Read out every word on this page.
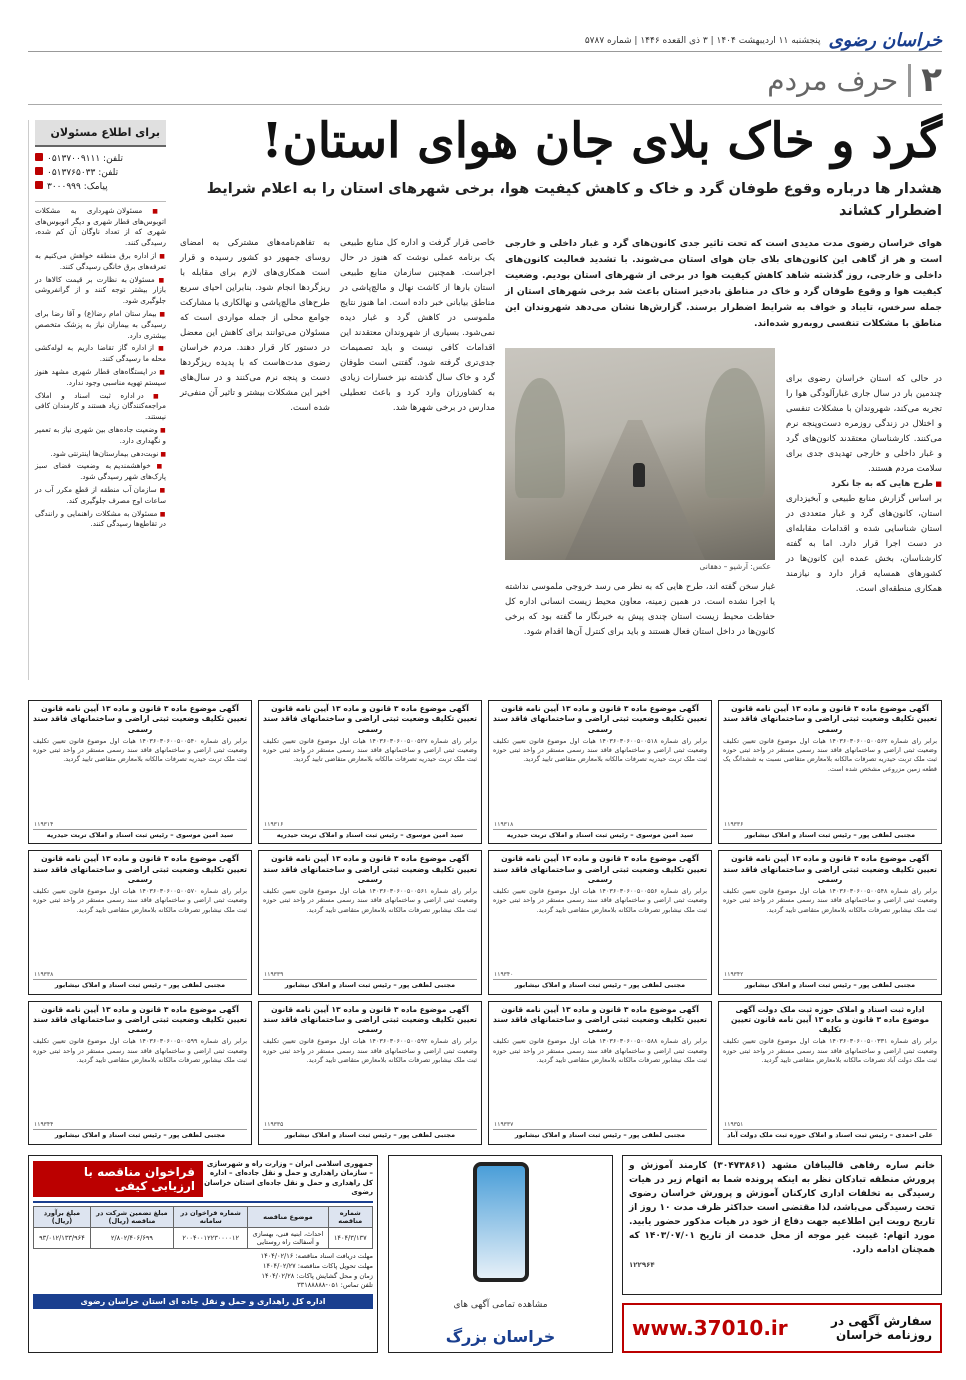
خراسان رضوی
پنجشنبه ۱۱ اردیبهشت ۱۴۰۴ | ۳ ذی القعده ۱۴۴۶ | شماره ۵۷۸۷
۲
حرف مردم
برای اطلاع مسئولان
تلفن: ۰۵۱۳۷۰۰۹۱۱۱
تلفن: ۰۵۱۳۷۶۵۰۳۳
پیامک: ۳۰۰۰۹۹۹

■ مسئولان شهرداری به مشکلات اتوبوس‌های قطار شهری و دیگر اتوبوس‌های شهری که از تعداد ناوگان آن کم شده، رسیدگی کنند.

■ از اداره برق منطقه خواهش می‌کنیم به تعرفه‌های برق خانگی رسیدگی کنند.

■ مسئولان به نظارت بر قیمت کالاها در بازار بیشتر توجه کنند و از گرانفروشی جلوگیری شود.

■ بیمار ستان امام رضا(ع) و آقا رضا برای رسیدگی به بیماران نیاز به پزشک متخصص بیشتری دارد.

■ از اداره گاز تقاضا داریم به لوله‌کشی محله ما رسیدگی کنند.

■ در ایستگاه‌های قطار شهری مشهد هنوز سیستم تهویه مناسبی وجود ندارد.

■ در اداره ثبت اسناد و املاک مراجعه‌کنندگان زیاد هستند و کارمندان کافی نیستند.

■ وضعیت جاده‌های بین شهری نیاز به تعمیر و نگهداری دارد.

■ نوبت‌دهی بیمارستان‌ها اینترنتی شود.

■ خواهشمندیم به وضعیت فضای سبز پارک‌های شهر رسیدگی شود.

■ سازمان آب منطقه از قطع مکرر آب در ساعات اوج مصرف جلوگیری کند.

■ مسئولان به مشکلات راهنمایی و رانندگی در تقاطع‌ها رسیدگی کنند.

گرد و خاک بلای جان هوای استان!
هشدار ها درباره وقوع طوفان گرد و خاک و کاهش کیفیت هوا، برخی شهرهای استان را به اعلام شرایط اضطرار کشاند
هوای خراسان رضوی مدت مدیدی است که تحت تاثیر جدی کانون‌های گرد و غبار داخلی و خارجی است و هر از گاهی این کانون‌های بلای جان هوای استان می‌شوند. با تشدید فعالیت کانون‌های داخلی و خارجی، روز گذشته شاهد کاهش کیفیت هوا در برخی از شهرهای استان بودیم. وضعیت کیفیت هوا و وقوع طوفان گرد و خاک در مناطق بادخیز استان باعث شد برخی شهرهای استان از جمله سرخس، تایباد و خواف به شرایط اضطرار برسند. گزارش‌ها نشان می‌دهد شهروندان این مناطق با مشکلات تنفسی روبه‌رو شده‌اند.

در حالی که استان خراسان رضوی برای چندمین بار در سال جاری غبارآلودگی هوا را تجربه می‌کند، شهروندان با مشکلات تنفسی و اختلال در زندگی روزمره دست‌وپنجه نرم می‌کنند. کارشناسان معتقدند کانون‌های گرد و غبار داخلی و خارجی تهدیدی جدی برای سلامت مردم هستند.

■ طرح هایی که به جا نکرد

بر اساس گزارش منابع طبیعی و آبخیزداری استان، کانون‌های گرد و غبار متعددی در استان شناسایی شده و اقدامات مقابله‌ای در دست اجرا قرار دارد. اما به گفته کارشناسان، بخش عمده این کانون‌ها در کشورهای همسایه قرار دارد و نیازمند همکاری منطقه‌ای است.

عکس: آرشیو – دهقانی
غبار سخن گفته اند، طرح هایی که به نظر می رسد خروجی ملموسی نداشته یا اجرا نشده است. در همین زمینه، معاون محیط زیست انسانی اداره کل حفاظت محیط زیست استان چندی پیش به خبرنگار ما گفته بود که برخی کانون‌ها در داخل استان فعال هستند و باید برای کنترل آن‌ها اقدام شود.
خاصی قرار گرفت و اداره کل منابع طبیعی یک برنامه عملی نوشت که هنوز در حال اجراست. همچنین سازمان منابع طبیعی استان بارها از کاشت نهال و مالچ‌پاشی در مناطق بیابانی خبر داده است. اما هنوز نتایج ملموسی در کاهش گرد و غبار دیده نمی‌شود. بسیاری از شهروندان معتقدند این اقدامات کافی نیست و باید تصمیمات جدی‌تری گرفته شود. گفتنی است طوفان گرد و خاک سال گذشته نیز خسارات زیادی به کشاورزان وارد کرد و باعث تعطیلی مدارس در برخی شهرها شد.
به تفاهم‌نامه‌های مشترکی به امضای روسای جمهور دو کشور رسیده و قرار است همکاری‌های لازم برای مقابله با ریزگردها انجام شود. بنابراین احیای سریع طرح‌های مالچ‌پاشی و نهالکاری با مشارکت جوامع محلی از جمله مواردی است که مسئولان می‌توانند برای کاهش این معضل در دستور کار قرار دهند. مردم خراسان رضوی مدت‌هاست که با پدیده ریزگردها دست و پنجه نرم می‌کنند و در سال‌های اخیر این مشکلات بیشتر و تاثیر آن منفی‌تر شده است.
آگهی موضوع ماده ۳ قانون و ماده ۱۳ آیین نامه قانون تعیین تکلیف وضعیت ثبتی اراضی و ساختمانهای فاقد سند رسمی
برابر رای شماره ۱۴۰۳۶۰۳۰۶۰۰۵۰۰۵۶۲ هیات اول موضوع قانون تعیین تکلیف وضعیت ثبتی اراضی و ساختمانهای فاقد سند رسمی مستقر در واحد ثبتی حوزه ثبت ملک تربت حیدریه تصرفات مالکانه بلامعارض متقاضی نسبت به ششدانگ یک قطعه زمین مزروعی مشخص شده است.
۱۱۹۳۳۶
مجتبی لطفی پور – رئیس ثبت اسناد و املاک نیشابور
آگهی موضوع ماده ۳ قانون و ماده ۱۳ آیین نامه قانون تعیین تکلیف وضعیت ثبتی اراضی و ساختمانهای فاقد سند رسمی
برابر رای شماره ۱۴۰۳۶۰۳۰۶۰۰۵۰۰۵۱۸ هیات اول موضوع قانون تعیین تکلیف وضعیت ثبتی اراضی و ساختمانهای فاقد سند رسمی مستقر در واحد ثبتی حوزه ثبت ملک تربت حیدریه تصرفات مالکانه بلامعارض متقاضی تایید گردید.
۱۱۹۳۱۸
سید امین موسوی – رئیس ثبت اسناد و املاک تربت حیدریه
آگهی موضوع ماده ۳ قانون و ماده ۱۳ آیین نامه قانون تعیین تکلیف وضعیت ثبتی اراضی و ساختمانهای فاقد سند رسمی
برابر رای شماره ۱۴۰۳۶۰۳۰۶۰۰۵۰۰۵۲۷ هیات اول موضوع قانون تعیین تکلیف وضعیت ثبتی اراضی و ساختمانهای فاقد سند رسمی مستقر در واحد ثبتی حوزه ثبت ملک تربت حیدریه تصرفات مالکانه بلامعارض متقاضی تایید گردید.
۱۱۹۳۱۶
سید امین موسوی – رئیس ثبت اسناد و املاک تربت حیدریه
آگهی موضوع ماده ۳ قانون و ماده ۱۳ آیین نامه قانون تعیین تکلیف وضعیت ثبتی اراضی و ساختمانهای فاقد سند رسمی
برابر رای شماره ۱۴۰۳۶۰۳۰۶۰۰۵۰۰۵۴۰ هیات اول موضوع قانون تعیین تکلیف وضعیت ثبتی اراضی و ساختمانهای فاقد سند رسمی مستقر در واحد ثبتی حوزه ثبت ملک تربت حیدریه تصرفات مالکانه بلامعارض متقاضی تایید گردید.
۱۱۹۳۱۴
سید امین موسوی – رئیس ثبت اسناد و املاک تربت حیدریه
آگهی موضوع ماده ۳ قانون و ماده ۱۳ آیین نامه قانون تعیین تکلیف وضعیت ثبتی اراضی و ساختمانهای فاقد سند رسمی
برابر رای شماره ۱۴۰۳۶۰۳۰۶۰۰۵۰۰۵۴۸ هیات اول موضوع قانون تعیین تکلیف وضعیت ثبتی اراضی و ساختمانهای فاقد سند رسمی مستقر در واحد ثبتی حوزه ثبت ملک نیشابور تصرفات مالکانه بلامعارض متقاضی تایید گردید.
۱۱۹۳۴۲
مجتبی لطفی پور – رئیس ثبت اسناد و املاک نیشابور
آگهی موضوع ماده ۳ قانون و ماده ۱۳ آیین نامه قانون تعیین تکلیف وضعیت ثبتی اراضی و ساختمانهای فاقد سند رسمی
برابر رای شماره ۱۴۰۳۶۰۳۰۶۰۰۵۰۰۵۵۶ هیات اول موضوع قانون تعیین تکلیف وضعیت ثبتی اراضی و ساختمانهای فاقد سند رسمی مستقر در واحد ثبتی حوزه ثبت ملک نیشابور تصرفات مالکانه بلامعارض متقاضی تایید گردید.
۱۱۹۳۴۰
مجتبی لطفی پور – رئیس ثبت اسناد و املاک نیشابور
آگهی موضوع ماده ۳ قانون و ماده ۱۳ آیین نامه قانون تعیین تکلیف وضعیت ثبتی اراضی و ساختمانهای فاقد سند رسمی
برابر رای شماره ۱۴۰۳۶۰۳۰۶۰۰۵۰۰۵۶۱ هیات اول موضوع قانون تعیین تکلیف وضعیت ثبتی اراضی و ساختمانهای فاقد سند رسمی مستقر در واحد ثبتی حوزه ثبت ملک نیشابور تصرفات مالکانه بلامعارض متقاضی تایید گردید.
۱۱۹۳۳۹
مجتبی لطفی پور – رئیس ثبت اسناد و املاک نیشابور
آگهی موضوع ماده ۳ قانون و ماده ۱۳ آیین نامه قانون تعیین تکلیف وضعیت ثبتی اراضی و ساختمانهای فاقد سند رسمی
برابر رای شماره ۱۴۰۳۶۰۳۰۶۰۰۵۰۰۵۷۰ هیات اول موضوع قانون تعیین تکلیف وضعیت ثبتی اراضی و ساختمانهای فاقد سند رسمی مستقر در واحد ثبتی حوزه ثبت ملک نیشابور تصرفات مالکانه بلامعارض متقاضی تایید گردید.
۱۱۹۳۳۸
مجتبی لطفی پور – رئیس ثبت اسناد و املاک نیشابور
اداره ثبت اسناد و املاک حوزه ثبت ملک دولت آگهی موضوع ماده ۳ قانون و ماده ۱۳ آیین نامه قانون تعیین تکلیف
برابر رای شماره ۱۴۰۳۶۰۳۰۶۰۰۵۰۰۳۳۱ هیات اول موضوع قانون تعیین تکلیف وضعیت ثبتی اراضی و ساختمانهای فاقد سند رسمی مستقر در واحد ثبتی حوزه ثبت ملک دولت آباد تصرفات مالکانه بلامعارض متقاضی تایید گردید.
۱۱۹۳۵۱
علی احمدی – رئیس ثبت اسناد و املاک حوزه ثبت ملک دولت آباد
آگهی موضوع ماده ۳ قانون و ماده ۱۳ آیین نامه قانون تعیین تکلیف وضعیت ثبتی اراضی و ساختمانهای فاقد سند رسمی
برابر رای شماره ۱۴۰۳۶۰۳۰۶۰۰۵۰۰۵۸۸ هیات اول موضوع قانون تعیین تکلیف وضعیت ثبتی اراضی و ساختمانهای فاقد سند رسمی مستقر در واحد ثبتی حوزه ثبت ملک نیشابور تصرفات مالکانه بلامعارض متقاضی تایید گردید.
۱۱۹۳۳۷
مجتبی لطفی پور – رئیس ثبت اسناد و املاک نیشابور
آگهی موضوع ماده ۳ قانون و ماده ۱۳ آیین نامه قانون تعیین تکلیف وضعیت ثبتی اراضی و ساختمانهای فاقد سند رسمی
برابر رای شماره ۱۴۰۳۶۰۳۰۶۰۰۵۰۰۵۹۲ هیات اول موضوع قانون تعیین تکلیف وضعیت ثبتی اراضی و ساختمانهای فاقد سند رسمی مستقر در واحد ثبتی حوزه ثبت ملک نیشابور تصرفات مالکانه بلامعارض متقاضی تایید گردید.
۱۱۹۳۳۵
مجتبی لطفی پور – رئیس ثبت اسناد و املاک نیشابور
آگهی موضوع ماده ۳ قانون و ماده ۱۳ آیین نامه قانون تعیین تکلیف وضعیت ثبتی اراضی و ساختمانهای فاقد سند رسمی
برابر رای شماره ۱۴۰۳۶۰۳۰۶۰۰۵۰۰۵۹۹ هیات اول موضوع قانون تعیین تکلیف وضعیت ثبتی اراضی و ساختمانهای فاقد سند رسمی مستقر در واحد ثبتی حوزه ثبت ملک نیشابور تصرفات مالکانه بلامعارض متقاضی تایید گردید.
۱۱۹۳۴۴
مجتبی لطفی پور – رئیس ثبت اسناد و املاک نیشابور
خانم ساره رفاهی قالیبافان مشهد (۳۰۴۷۳۸۶۱) کارمند آموزش و پرورش منطقه تبادکان نظر به اینکه پرونده شما به اتهام زیر در هیات رسیدگی به تخلفات اداری کارکنان آموزش و پرورش خراسان رضوی تحت رسیدگی می‌باشد، لذا مقتضی است حداکثر ظرف مدت ۱۰ روز از تاریخ رویت این اطلاعیه جهت دفاع از خود در هیات مذکور حضور یابید. مورد اتهام: غیبت غیر موجه از محل خدمت از تاریخ ۱۴۰۳/۰۷/۰۱ که همچنان ادامه دارد.
۱۲۲۹۶۴
سفارش آگهی در روزنامه خراسان
www.37010.ir
مشاهده تمامی آگهی های
خراسان بزرگ
جمهوری اسلامی ایران – وزارت راه و شهرسازی – سازمان راهداری و حمل و نقل جاده‌ای – اداره کل راهداری و حمل و نقل جاده‌ای استان خراسان رضوی
فراخوان مناقصه با ارزیابی کیفی
شماره مناقصه	موضوع مناقصه	شماره فراخوان در سامانه	مبلغ تضمین شرکت در مناقصه (ریال)	مبلغ برآورد (ریال)
۱۴۰۴/۳/۱۳۷	احداث، ابنیه فنی، بهسازی و آسفالت راه روستایی	۲۰۰۴۰۰۱۲۲۳۰۰۰۰۱۲	۲/۸۰۲/۴۰۶/۶۹۹	۹۳/۰۱۲/۱۳۳/۹۶۴
مهلت دریافت اسناد مناقصه: ۱۴۰۴/۰۲/۱۶
مهلت تحویل پاکات مناقصه: ۱۴۰۴/۰۲/۲۷
زمان و محل گشایش پاکات: ۱۴۰۴/۰۲/۲۸
تلفن تماس: ۰۵۱-۳۳۱۸۸۸۸۸
اداره کل راهداری و حمل و نقل جاده ای استان خراسان رضوی
